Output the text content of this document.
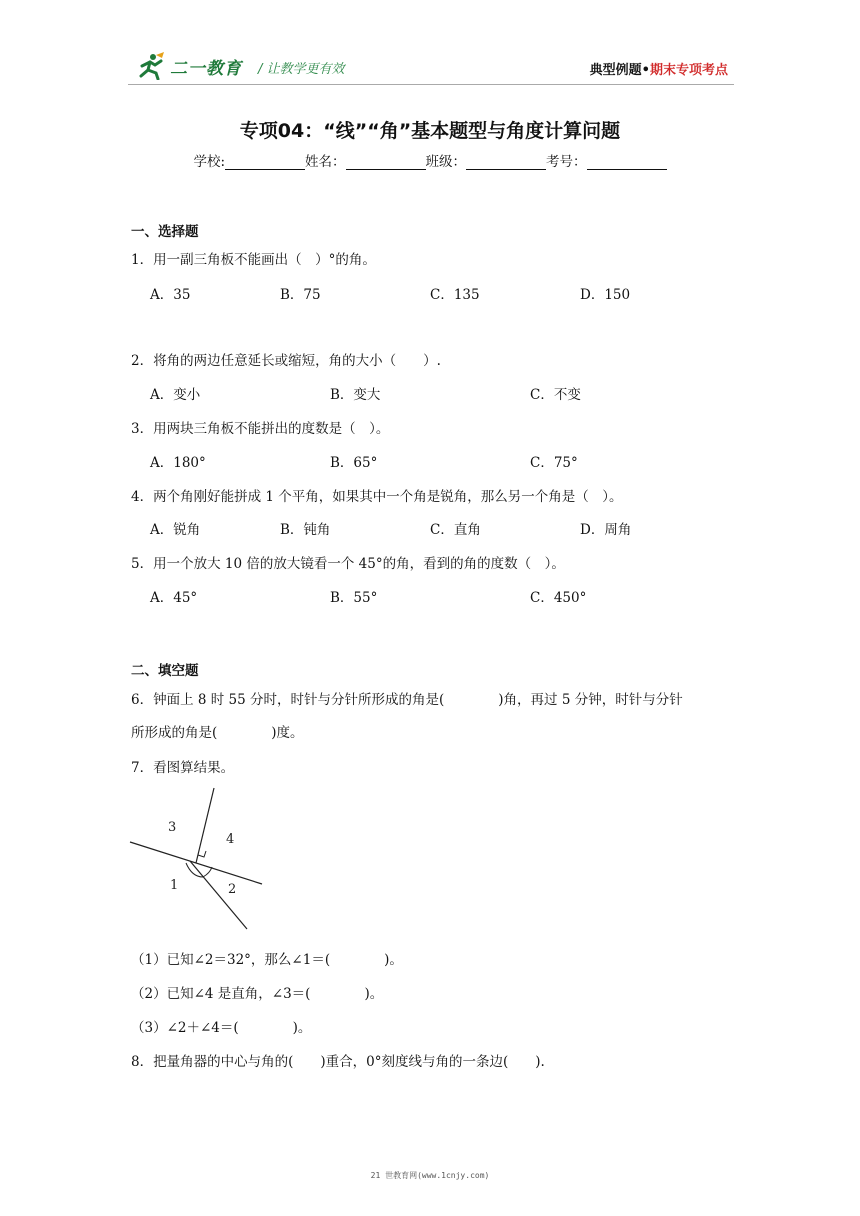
二一教育 / 让教学更有效	典型例题•期末专项考点
专项04：“线”“角”基本题型与角度计算问题
学校:	姓名：	班级：	考号：
一、选择题
1．用一副三角板不能画出（　）°的角。
A．35	B．75	C．135	D．150
2．将角的两边任意延长或缩短，角的大小（　　）.
A．变小	B．变大	C．不变
3．用两块三角板不能拼出的度数是（　）。
A．180°	B．65°	C．75°
4．两个角刚好能拼成 1 个平角，如果其中一个角是锐角，那么另一个角是（　）。
A．锐角	B．钝角	C．直角	D．周角
5．用一个放大 10 倍的放大镜看一个 45°的角，看到的角的度数（　）。
A．45°	B．55°	C．450°
二、填空题
6．钟面上 8 时 55 分时，时针与分针所形成的角是(　　　　)角，再过 5 分钟，时针与分针
所形成的角是(　　　　)度。
7．看图算结果。
3
4
1	2
（1）已知∠2＝32°，那么∠1＝(　　　　)。
（2）已知∠4 是直角，∠3＝(　　　　)。
（3）∠2＋∠4＝(　　　　)。
8．把量角器的中心与角的(　　)重合，0°刻度线与角的一条边(　　).
21 世教育网(www.1cnjy.com)
